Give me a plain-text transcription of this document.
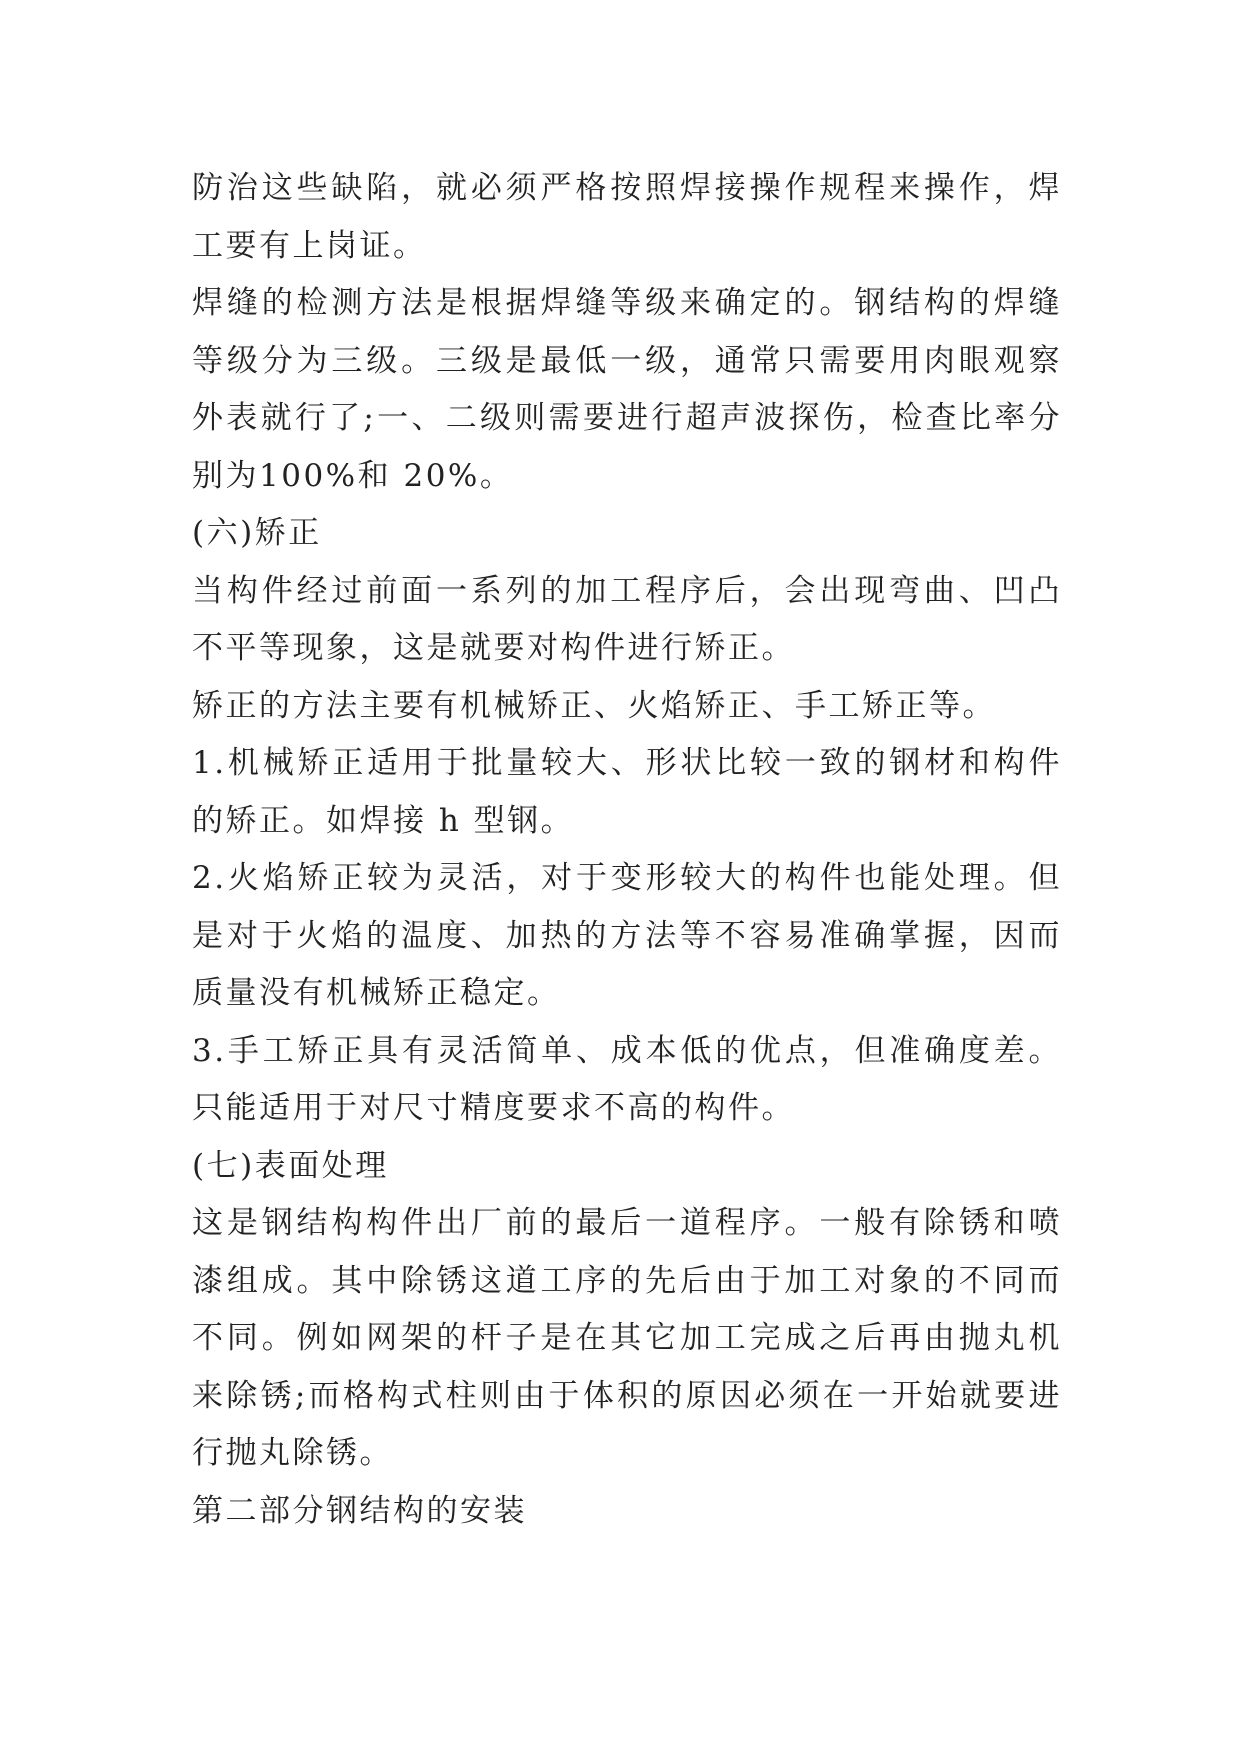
防治这些缺陷，就必须严格按照焊接操作规程来操作，焊工要有上岗证。

焊缝的检测方法是根据焊缝等级来确定的。钢结构的焊缝等级分为三级。三级是最低一级，通常只需要用肉眼观察外表就行了;一、二级则需要进行超声波探伤，检查比率分别为100%和 20%。

(六)矫正

当构件经过前面一系列的加工程序后，会出现弯曲、凹凸不平等现象，这是就要对构件进行矫正。

矫正的方法主要有机械矫正、火焰矫正、手工矫正等。

1.机械矫正适用于批量较大、形状比较一致的钢材和构件的矫正。如焊接 h 型钢。

2.火焰矫正较为灵活，对于变形较大的构件也能处理。但是对于火焰的温度、加热的方法等不容易准确掌握，因而质量没有机械矫正稳定。

3.手工矫正具有灵活简单、成本低的优点，但准确度差。只能适用于对尺寸精度要求不高的构件。

(七)表面处理

这是钢结构构件出厂前的最后一道程序。一般有除锈和喷漆组成。其中除锈这道工序的先后由于加工对象的不同而不同。例如网架的杆子是在其它加工完成之后再由抛丸机来除锈;而格构式柱则由于体积的原因必须在一开始就要进行抛丸除锈。

第二部分钢结构的安装
